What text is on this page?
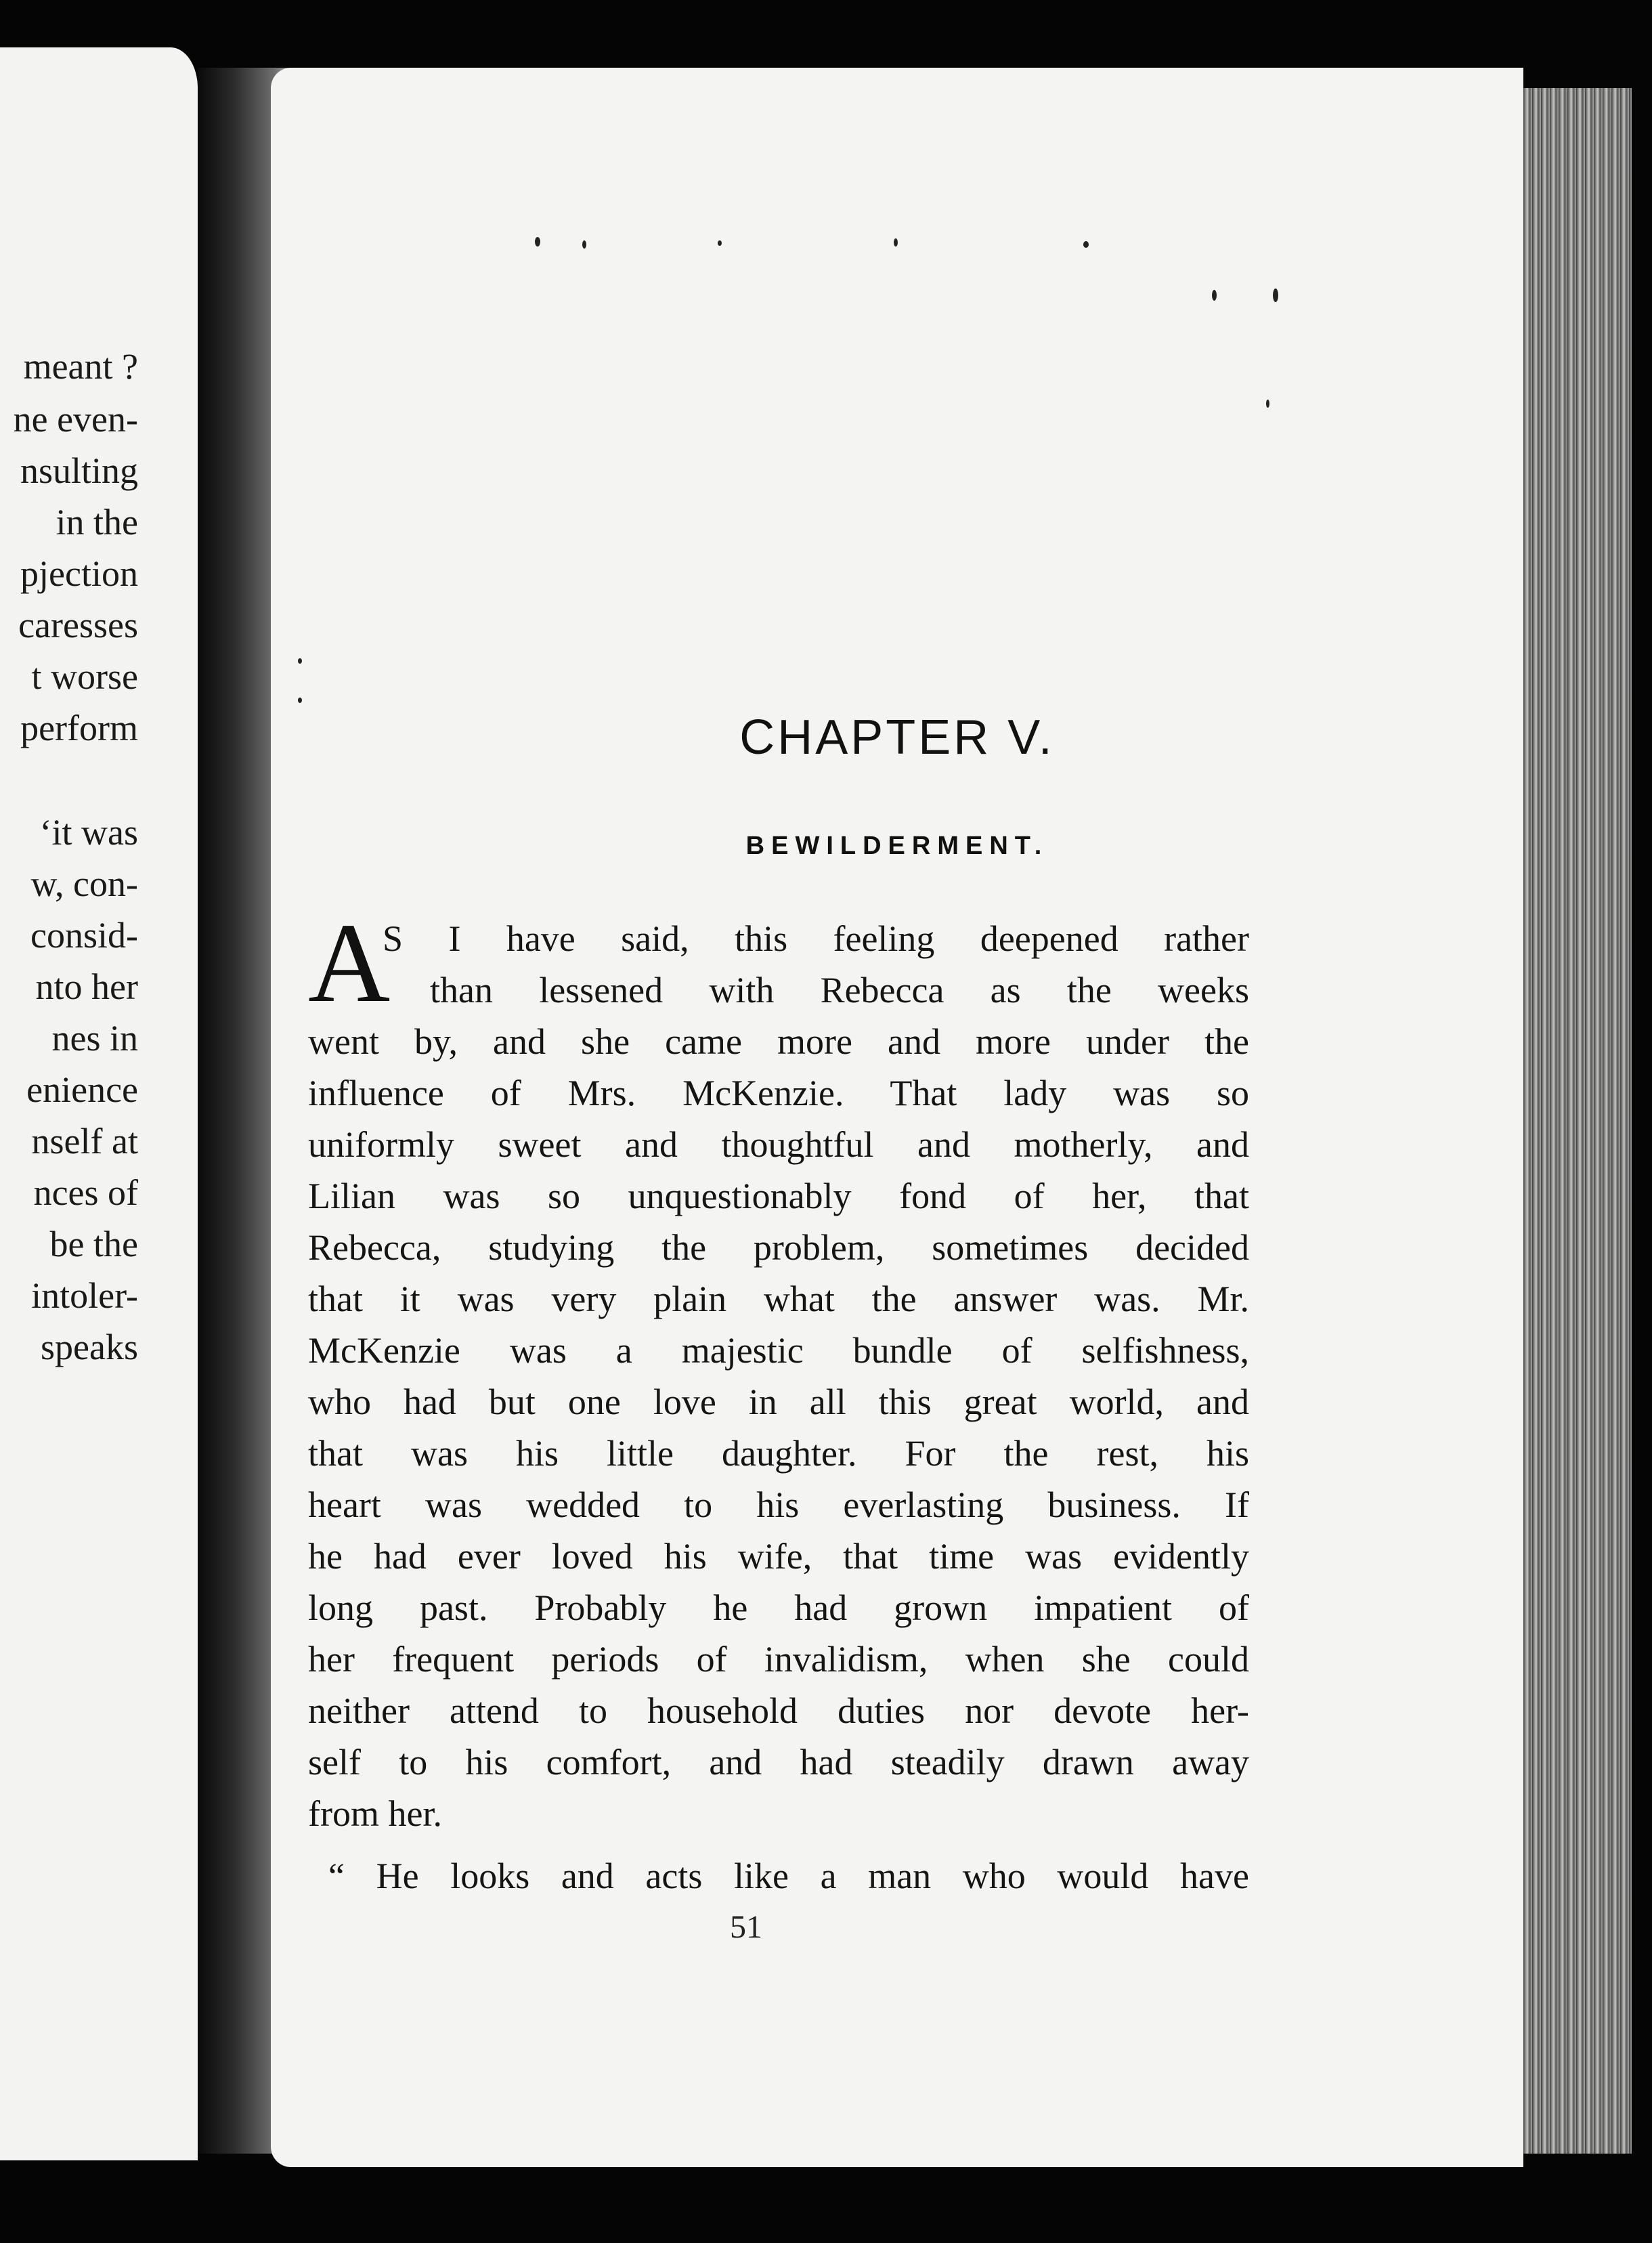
meant ?
ne even-
nsulting
in the
pjection
caresses
t worse
perform
‘it was
w, con-
consid-
nto her
nes in
enience
nself at
nces of
be the
intoler-
speaks
CHAPTER V.
BEWILDERMENT.
A
S I have said, this feeling deepened rather
than lessened with Rebecca as the weeks
went by, and she came more and more under the
influence of Mrs. McKenzie. That lady was so
uniformly sweet and thoughtful and motherly, and
Lilian was so unquestionably fond of her, that
Rebecca, studying the problem, sometimes decided
that it was very plain what the answer was. Mr.
McKenzie was a majestic bundle of selfishness,
who had but one love in all this great world, and
that was his little daughter. For the rest, his
heart was wedded to his everlasting business. If
he had ever loved his wife, that time was evidently
long past. Probably he had grown impatient of
her frequent periods of invalidism, when she could
neither attend to household duties nor devote her-
self to his comfort, and had steadily drawn away
from her.
“ He looks and acts like a man who would have
51
